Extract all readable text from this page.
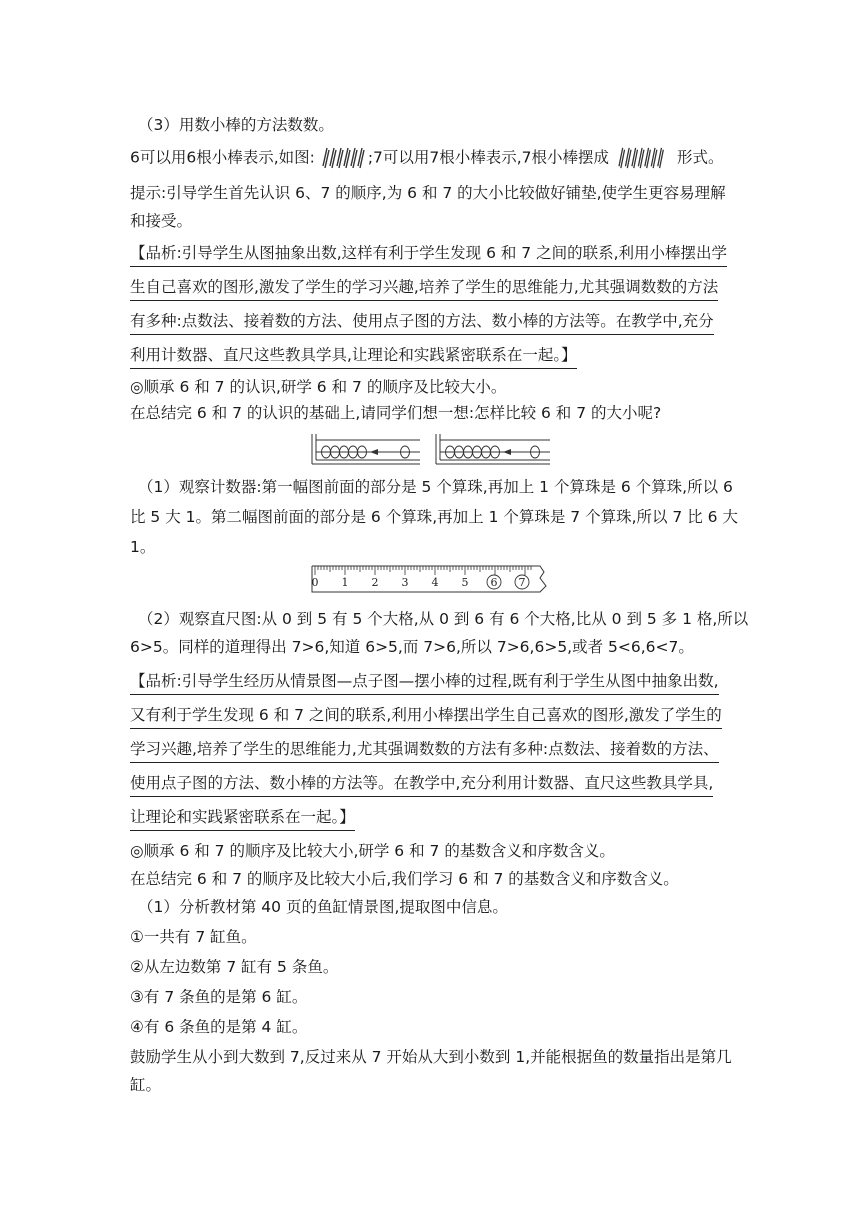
（3）用数小棒的方法数数。
6可以用6根小棒表示,如图:	;7可以用7根小棒表示,7根小棒摆成	形式。
提示:引导学生首先认识 6、7 的顺序,为 6 和 7 的大小比较做好铺垫,使学生更容易理解
和接受。
【品析:引导学生从图抽象出数,这样有利于学生发现 6 和 7 之间的联系,利用小棒摆出学
生自己喜欢的图形,激发了学生的学习兴趣,培养了学生的思维能力,尤其强调数数的方法
有多种:点数法、接着数的方法、使用点子图的方法、数小棒的方法等。在教学中,充分
利用计数器、直尺这些教具学具,让理论和实践紧密联系在一起。】
◎顺承 6 和 7 的认识,研学 6 和 7 的顺序及比较大小。
在总结完 6 和 7 的认识的基础上,请同学们想一想:怎样比较 6 和 7 的大小呢?
（1）观察计数器:第一幅图前面的部分是 5 个算珠,再加上 1 个算珠是 6 个算珠,所以 6
比 5 大 1。第二幅图前面的部分是 6 个算珠,再加上 1 个算珠是 7 个算珠,所以 7 比 6 大
1。
0 1 2 3 4 5 6 7
（2）观察直尺图:从 0 到 5 有 5 个大格,从 0 到 6 有 6 个大格,比从 0 到 5 多 1 格,所以
6>5。同样的道理得出 7>6,知道 6>5,而 7>6,所以 7>6,6>5,或者 5<6,6<7。
【品析:引导学生经历从情景图—点子图—摆小棒的过程,既有利于学生从图中抽象出数,
又有利于学生发现 6 和 7 之间的联系,利用小棒摆出学生自己喜欢的图形,激发了学生的
学习兴趣,培养了学生的思维能力,尤其强调数数的方法有多种:点数法、接着数的方法、
使用点子图的方法、数小棒的方法等。在教学中,充分利用计数器、直尺这些教具学具,
让理论和实践紧密联系在一起。】
◎顺承 6 和 7 的顺序及比较大小,研学 6 和 7 的基数含义和序数含义。
在总结完 6 和 7 的顺序及比较大小后,我们学习 6 和 7 的基数含义和序数含义。
（1）分析教材第 40 页的鱼缸情景图,提取图中信息。
①一共有 7 缸鱼。
②从左边数第 7 缸有 5 条鱼。
③有 7 条鱼的是第 6 缸。
④有 6 条鱼的是第 4 缸。
鼓励学生从小到大数到 7,反过来从 7 开始从大到小数到 1,并能根据鱼的数量指出是第几
缸。
